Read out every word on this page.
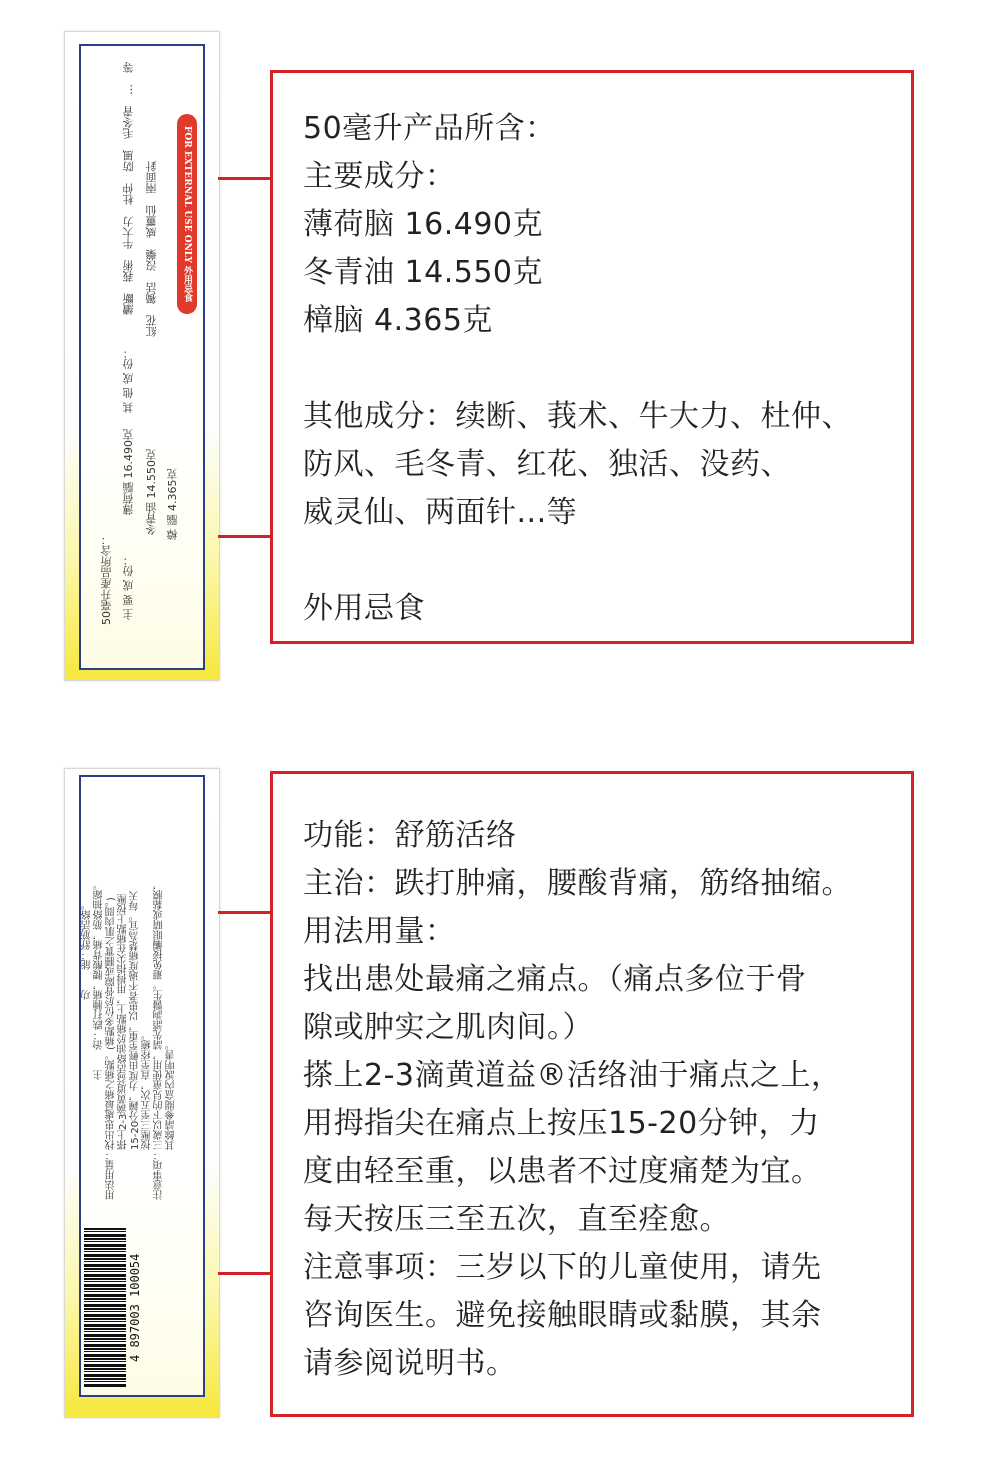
FOR EXTERNAL USE ONLY 外用忌食
50毫升產品所含： 主 要 成 份：
薄荷腦 16.490克 冬青油 14.550克 樟 腦 4.365克
其 他 成 份：
續斷　莪術　牛大力　杜仲　防風　毛冬青　…　等 紅花　獨活　沒藥　威靈仙　兩面針
功　　能：舒筋活絡。 主　　治：跌打腫痛，腰酸背痛，筋絡抽縮。 用法用量：找出患處最痛之痛點。(痛點多位於骨隙或腫實之肌肉間。) 　　　　　搽上2-3滴黃道益活絡油於痛點上，用拇指尖在痛點上按壓 　　　　　15-20分鐘，力度由輕至重，以患者不過度痛楚為宜。每天 　　　　　按壓三至五次，直至痊癒。 注意事項：三歲以下的兒童使用，請先諮詢醫生。避免接觸眼睛或黏膜， 　　　　　其餘請參閱盒內說明書。
4 897003 100054

50毫升产品所含：

主要成分：

薄荷脑 16.490克

冬青油 14.550克

樟脑 4.365克

其他成分：续断、莪术、牛大力、杜仲、

防风、毛冬青、红花、独活、没药、

威灵仙、两面针...等

外用忌食

功能：舒筋活络

主治：跌打肿痛，腰酸背痛，筋络抽缩。

用法用量：

找出患处最痛之痛点。（痛点多位于骨

隙或肿实之肌肉间。）

搽上2-3滴黄道益®活络油于痛点之上，

用拇指尖在痛点上按压15-20分钟，力

度由轻至重，以患者不过度痛楚为宜。

每天按压三至五次，直至痊愈。

注意事项：三岁以下的儿童使用，请先

咨询医生。避免接触眼睛或黏膜，其余

请参阅说明书。
